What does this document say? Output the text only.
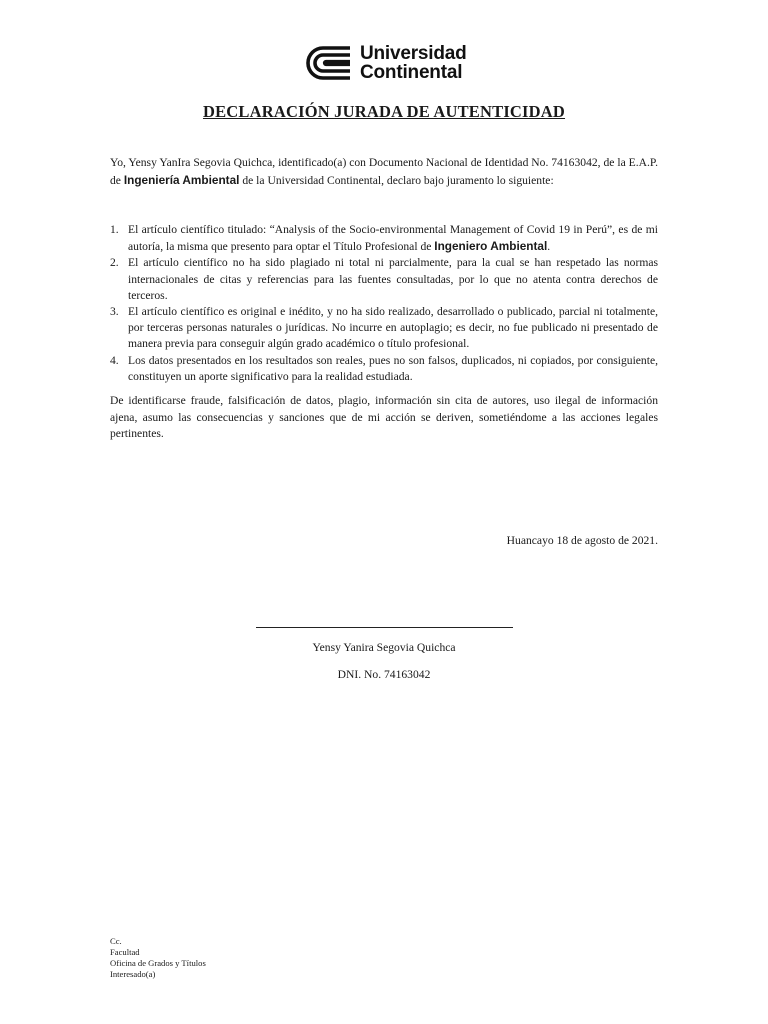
Universidad
Continental
DECLARACIÓN JURADA DE AUTENTICIDAD
Yo, Yensy YanIra Segovia Quichca, identificado(a) con Documento Nacional de Identidad No. 74163042, de la E.A.P. de Ingeniería Ambiental de la Universidad Continental, declaro bajo juramento lo siguiente:
1. El artículo científico titulado: “Analysis of the Socio-environmental Management of Covid 19 in Perú”, es de mi autoría, la misma que presento para optar el Título Profesional de Ingeniero Ambiental.
2. El artículo científico no ha sido plagiado ni total ni parcialmente, para la cual se han respetado las normas internacionales de citas y referencias para las fuentes consultadas, por lo que no atenta contra derechos de terceros.
3. El artículo científico es original e inédito, y no ha sido realizado, desarrollado o publicado, parcial ni totalmente, por terceras personas naturales o jurídicas. No incurre en autoplagio; es decir, no fue publicado ni presentado de manera previa para conseguir algún grado académico o título profesional.
4. Los datos presentados en los resultados son reales, pues no son falsos, duplicados, ni copiados, por consiguiente, constituyen un aporte significativo para la realidad estudiada.
De identificarse fraude, falsificación de datos, plagio, información sin cita de autores, uso ilegal de información ajena, asumo las consecuencias y sanciones que de mi acción se deriven, sometiéndome a las acciones legales pertinentes.
Huancayo 18 de agosto de 2021.
Yensy Yanira Segovia Quichca
DNI. No. 74163042
Cc.
Facultad
Oficina de Grados y Títulos
Interesado(a)
